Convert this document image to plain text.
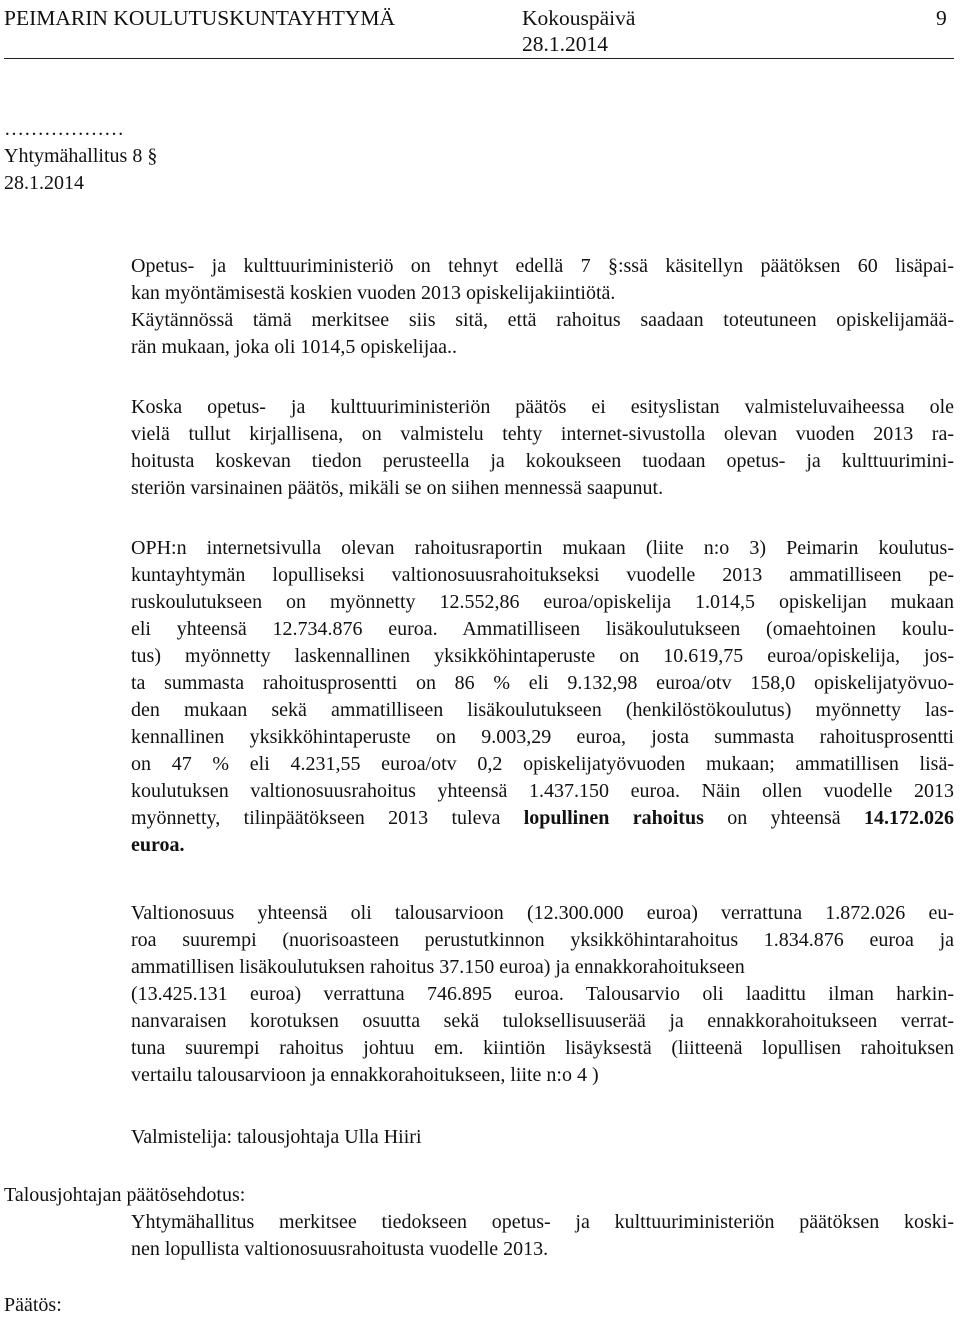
PEIMARIN KOULUTUSKUNTAYHTYMÄ	Kokouspäivä
28.1.2014
9
………………
Yhtymähallitus 8 §
28.1.2014
Opetus- ja kulttuuriministeriö on tehnyt edellä 7 §:ssä käsitellyn päätöksen 60 lisäpai-
kan myöntämisestä koskien vuoden 2013 opiskelijakiintiötä.
Käytännössä tämä merkitsee siis sitä, että rahoitus saadaan toteutuneen opiskelijamää-
rän mukaan, joka oli 1014,5 opiskelijaa..
Koska opetus- ja kulttuuriministeriön päätös ei esityslistan valmisteluvaiheessa ole
vielä tullut kirjallisena, on valmistelu tehty internet-sivustolla olevan vuoden 2013 ra-
hoitusta koskevan tiedon perusteella ja kokoukseen tuodaan opetus- ja kulttuurimini-
steriön varsinainen päätös, mikäli se on siihen mennessä saapunut.
OPH:n internetsivulla olevan rahoitusraportin mukaan (liite n:o 3) Peimarin koulutus-
kuntayhtymän lopulliseksi valtionosuusrahoitukseksi vuodelle 2013 ammatilliseen pe-
ruskoulutukseen on myönnetty 12.552,86 euroa/opiskelija 1.014,5 opiskelijan mukaan
eli yhteensä 12.734.876 euroa. Ammatilliseen lisäkoulutukseen (omaehtoinen koulu-
tus) myönnetty laskennallinen yksikköhintaperuste on 10.619,75 euroa/opiskelija, jos-
ta summasta rahoitusprosentti on 86 % eli 9.132,98 euroa/otv 158,0 opiskelijatyövuo-
den mukaan sekä ammatilliseen lisäkoulutukseen (henkilöstökoulutus) myönnetty las-
kennallinen yksikköhintaperuste on 9.003,29 euroa, josta summasta rahoitusprosentti
on 47 % eli 4.231,55 euroa/otv 0,2 opiskelijatyövuoden mukaan; ammatillisen lisä-
koulutuksen valtionosuusrahoitus yhteensä 1.437.150 euroa. Näin ollen vuodelle 2013
myönnetty, tilinpäätökseen 2013 tuleva lopullinen rahoitus on yhteensä 14.172.026
euroa.
Valtionosuus yhteensä oli talousarvioon (12.300.000 euroa) verrattuna 1.872.026 eu-
roa suurempi (nuorisoasteen perustutkinnon yksikköhintarahoitus 1.834.876 euroa ja
ammatillisen lisäkoulutuksen rahoitus 37.150 euroa) ja ennakkorahoitukseen
(13.425.131 euroa) verrattuna 746.895 euroa. Talousarvio oli laadittu ilman harkin-
nanvaraisen korotuksen osuutta sekä tuloksellisuuserää ja ennakkorahoitukseen verrat-
tuna suurempi rahoitus johtuu em. kiintiön lisäyksestä (liitteenä lopullisen rahoituksen
vertailu talousarvioon ja ennakkorahoitukseen, liite n:o 4 )
Valmistelija: talousjohtaja Ulla Hiiri
Talousjohtajan päätösehdotus:
Yhtymähallitus merkitsee tiedokseen opetus- ja kulttuuriministeriön päätöksen koski-
nen lopullista valtionosuusrahoitusta vuodelle 2013.
Päätös:
